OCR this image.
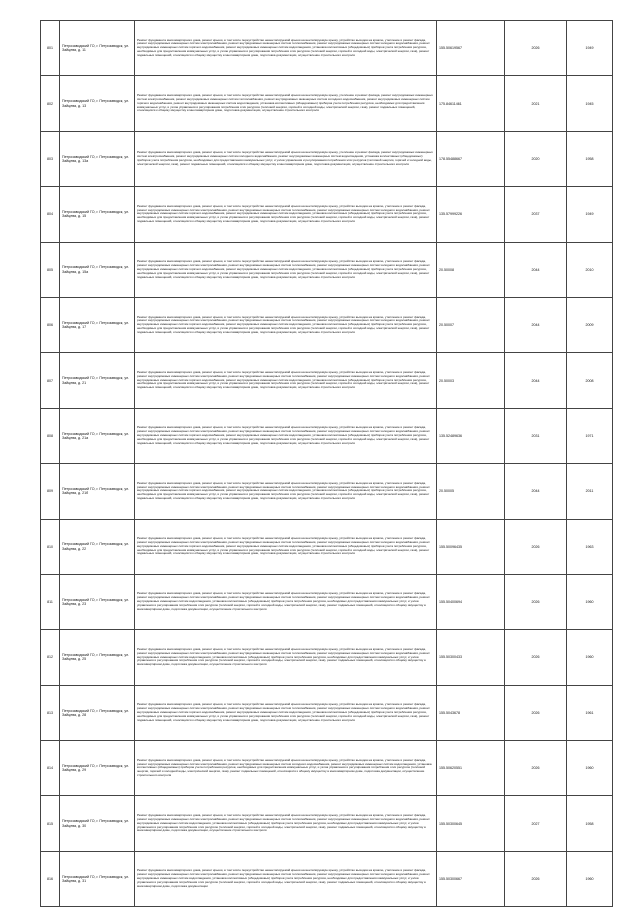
801	Петрозаводский ГО, г. Петрозаводск, ул. Зайцева, д. 11	Ремонт фундамента многоквартирного дома, ремонт крыши, в том числе переустройство невентилируемой крыши на вентилируемую крышу, устройство выходов на кровлю, утепление и ремонт фасада, ремонт внутридомовых инженерных систем электроснабжения, ремонт внутридомовых инженерных систем теплоснабжения, ремонт внутридомовых инженерных систем холодного водоснабжения, ремонт внутридомовых инженерных систем горячего водоснабжения, ремонт внутридомовых инженерных систем водоотведения, установка коллективных (общедомовых) приборов учета потребления ресурсов, необходимых для предоставления коммунальных услуг, и узлов управления и регулирования потребления этих ресурсов (тепловой энергии, горячей и холодной воды, электрической энергии, газа), ремонт подвальных помещений, относящихся к общему имуществу в многоквартирном доме, подготовка документации, осуществление строительного контроля	155.50619567	2026	1949
802	Петрозаводский ГО, г. Петрозаводск, ул. Зайцева, д. 13	Ремонт фундамента многоквартирного дома, ремонт крыши, в том числе переустройство невентилируемой крыши на вентилируемую крышу, утепление и ремонт фасада, ремонт внутридомовых инженерных систем электроснабжения, ремонт внутридомовых инженерных систем теплоснабжения, ремонт внутридомовых инженерных систем холодного водоснабжения, ремонт внутридомовых инженерных систем горячего водоснабжения, ремонт внутридомовых инженерных систем водоотведения, установка коллективных (общедомовых) приборов учета потребления ресурсов, необходимых для предоставления коммунальных услуг, и узлов управления и регулирования потребления этих ресурсов (тепловой энергии, горячей и холодной воды, электрической энергии, газа), ремонт подвальных помещений, относящихся к общему имуществу в многоквартирном доме, подготовка документации, осуществление строительного контроля	175.84611461	2021	1945
803	Петрозаводский ГО, г. Петрозаводск, ул. Зайцева, д. 13а	Ремонт фундамента многоквартирного дома, ремонт крыши, в том числе переустройство невентилируемой крыши на вентилируемую крышу, утепление и ремонт фасада, ремонт внутридомовых инженерных систем электроснабжения, ремонт внутридомовых инженерных систем холодного водоснабжения, ремонт внутридомовых инженерных систем водоотведения, установка коллективных (общедомовых) приборов учета потребления ресурсов, необходимых для предоставления коммунальных услуг, и узлов управления и регулирования потребления этих ресурсов (тепловой энергии, горячей и холодной воды, электрической энергии, газа), ремонт подвальных помещений, относящихся к общему имуществу в многоквартирном доме, подготовка документации, осуществление строительного контроля	178.55488667	2020	1958
804	Петрозаводский ГО, г. Петрозаводск, ул. Зайцева, д. 15	Ремонт фундамента многоквартирного дома, ремонт крыши, в том числе переустройство невентилируемой крыши на вентилируемую крышу, устройство выходов на кровлю, утепление и ремонт фасада, ремонт внутридомовых инженерных систем электроснабжения, ремонт внутридомовых инженерных систем теплоснабжения, ремонт внутридомовых инженерных систем холодного водоснабжения, ремонт внутридомовых инженерных систем горячего водоснабжения, ремонт внутридомовых инженерных систем водоотведения, установка коллективных (общедомовых) приборов учета потребления ресурсов, необходимых для предоставления коммунальных услуг, и узлов управления и регулирования потребления этих ресурсов (тепловой энергии, горячей и холодной воды, электрической энергии, газа), ремонт подвальных помещений, относящихся к общему имуществу в многоквартирном доме, подготовка документации, осуществление строительного контроля	135.57999226	2037	1949
805	Петрозаводский ГО, г. Петрозаводск, ул. Зайцева, д. 15а	Ремонт фундамента многоквартирного дома, ремонт крыши, в том числе переустройство невентилируемой крыши на вентилируемую крышу, устройство выходов на кровлю, утепление и ремонт фасада, ремонт внутридомовых инженерных систем электроснабжения, ремонт внутридомовых инженерных систем теплоснабжения, ремонт внутридомовых инженерных систем холодного водоснабжения, ремонт внутридомовых инженерных систем горячего водоснабжения, ремонт внутридомовых инженерных систем водоотведения, установка коллективных (общедомовых) приборов учета потребления ресурсов, необходимых для предоставления коммунальных услуг, и узлов управления и регулирования потребления этих ресурсов (тепловой энергии, горячей и холодной воды, электрической энергии, газа), ремонт подвальных помещений, относящихся к общему имуществу в многоквартирном доме, подготовка документации, осуществление строительного контроля	20.50008	2044	2010
806	Петрозаводский ГО, г. Петрозаводск, ул. Зайцева, д. 17	Ремонт фундамента многоквартирного дома, ремонт крыши, в том числе переустройство невентилируемой крыши на вентилируемую крышу, устройство выходов на кровлю, утепление и ремонт фасада, ремонт внутридомовых инженерных систем электроснабжения, ремонт внутридомовых инженерных систем теплоснабжения, ремонт внутридомовых инженерных систем холодного водоснабжения, ремонт внутридомовых инженерных систем горячего водоснабжения, ремонт внутридомовых инженерных систем водоотведения, установка коллективных (общедомовых) приборов учета потребления ресурсов, необходимых для предоставления коммунальных услуг, и узлов управления и регулирования потребления этих ресурсов (тепловой энергии, горячей и холодной воды, электрической энергии, газа), ремонт подвальных помещений, относящихся к общему имуществу в многоквартирном доме, подготовка документации, осуществление строительного контроля	20.50007	2044	2009
807	Петрозаводский ГО, г. Петрозаводск, ул. Зайцева, д. 21	Ремонт фундамента многоквартирного дома, ремонт крыши, в том числе переустройство невентилируемой крыши на вентилируемую крышу, устройство выходов на кровлю, утепление и ремонт фасада, ремонт внутридомовых инженерных систем электроснабжения, ремонт внутридомовых инженерных систем теплоснабжения, ремонт внутридомовых инженерных систем холодного водоснабжения, ремонт внутридомовых инженерных систем горячего водоснабжения, ремонт внутридомовых инженерных систем водоотведения, установка коллективных (общедомовых) приборов учета потребления ресурсов, необходимых для предоставления коммунальных услуг, и узлов управления и регулирования потребления этих ресурсов (тепловой энергии, горячей и холодной воды, электрической энергии, газа), ремонт подвальных помещений, относящихся к общему имуществу в многоквартирном доме, подготовка документации, осуществление строительного контроля	20.50003	2044	2008
808	Петрозаводский ГО, г. Петрозаводск, ул. Зайцева, д. 21а	Ремонт фундамента многоквартирного дома, ремонт крыши, в том числе переустройство невентилируемой крыши на вентилируемую крышу, устройство выходов на кровлю, утепление и ремонт фасада, ремонт внутридомовых инженерных систем электроснабжения, ремонт внутридомовых инженерных систем теплоснабжения, ремонт внутридомовых инженерных систем холодного водоснабжения, ремонт внутридомовых инженерных систем горячего водоснабжения, ремонт внутридомовых инженерных систем водоотведения, установка коллективных (общедомовых) приборов учета потребления ресурсов, необходимых для предоставления коммунальных услуг, и узлов управления и регулирования потребления этих ресурсов (тепловой энергии, горячей и холодной воды, электрической энергии, газа), ремонт подвальных помещений, относящихся к общему имуществу в многоквартирном доме, подготовка документации, осуществление строительного контроля	135.52489636	2031	1971
809	Петрозаводский ГО, г. Петрозаводск, ул. Зайцева, д. 21б	Ремонт фундамента многоквартирного дома, ремонт крыши, в том числе переустройство невентилируемой крыши на вентилируемую крышу, устройство выходов на кровлю, утепление и ремонт фасада, ремонт внутридомовых инженерных систем электроснабжения, ремонт внутридомовых инженерных систем теплоснабжения, ремонт внутридомовых инженерных систем холодного водоснабжения, ремонт внутридомовых инженерных систем горячего водоснабжения, ремонт внутридомовых инженерных систем водоотведения, установка коллективных (общедомовых) приборов учета потребления ресурсов, необходимых для предоставления коммунальных услуг, и узлов управления и регулирования потребления этих ресурсов (тепловой энергии, горячей и холодной воды, электрической энергии, газа), ремонт подвальных помещений, относящихся к общему имуществу в многоквартирном доме, подготовка документации, осуществление строительного контроля	20.50005	2044	2011
810	Петрозаводский ГО, г. Петрозаводск, ул. Зайцева, д. 22	Ремонт фундамента многоквартирного дома, ремонт крыши, в том числе переустройство невентилируемой крыши на вентилируемую крышу, устройство выходов на кровлю, утепление и ремонт фасада, ремонт внутридомовых инженерных систем электроснабжения, ремонт внутридомовых инженерных систем теплоснабжения, ремонт внутридомовых инженерных систем холодного водоснабжения, ремонт внутридомовых инженерных систем горячего водоснабжения, ремонт внутридомовых инженерных систем водоотведения, установка коллективных (общедомовых) приборов учета потребления ресурсов, необходимых для предоставления коммунальных услуг, и узлов управления и регулирования потребления этих ресурсов (тепловой энергии, горячей и холодной воды, электрической энергии, газа), ремонт подвальных помещений, относящихся к общему имуществу в многоквартирном доме, подготовка документации, осуществление строительного контроля	155.50096435	2026	1963
811	Петрозаводский ГО, г. Петрозаводск, ул. Зайцева, д. 23	Ремонт фундамента многоквартирного дома, ремонт крыши, в том числе переустройство невентилируемой крыши на вентилируемую крышу, устройство выходов на кровлю, утепление и ремонт фасада, ремонт внутридомовых инженерных систем электроснабжения, ремонт внутридомовых инженерных систем теплоснабжения, ремонт внутридомовых инженерных систем холодного водоснабжения, ремонт внутридомовых инженерных систем водоотведения, установка коллективных (общедомовых) приборов учета потребления ресурсов, необходимых для предоставления коммунальных услуг, и узлов управления и регулирования потребления этих ресурсов (тепловой энергии, горячей и холодной воды, электрической энергии, газа), ремонт подвальных помещений, относящихся к общему имуществу в многоквартирном доме, подготовка документации, осуществление строительного контроля	155.50400694	2026	1960
812	Петрозаводский ГО, г. Петрозаводск, ул. Зайцева, д. 25	Ремонт фундамента многоквартирного дома, ремонт крыши, в том числе переустройство невентилируемой крыши на вентилируемую крышу, устройство выходов на кровлю, утепление и ремонт фасада, ремонт внутридомовых инженерных систем электроснабжения, ремонт внутридомовых инженерных систем теплоснабжения, ремонт внутридомовых инженерных систем холодного водоснабжения, ремонт внутридомовых инженерных систем водоотведения, установка коллективных (общедомовых) приборов учета потребления ресурсов, необходимых для предоставления коммунальных услуг, и узлов управления и регулирования потребления этих ресурсов (тепловой энергии, горячей и холодной воды, электрической энергии, газа), ремонт подвальных помещений, относящихся к общему имуществу в многоквартирном доме, подготовка документации, осуществление строительного контроля	155.50300433	2026	1960
813	Петрозаводский ГО, г. Петрозаводск, ул. Зайцева, д. 28	Ремонт фундамента многоквартирного дома, ремонт крыши, в том числе переустройство невентилируемой крыши на вентилируемую крышу, устройство выходов на кровлю, утепление и ремонт фасада, ремонт внутридомовых инженерных систем электроснабжения, ремонт внутридомовых инженерных систем теплоснабжения, ремонт внутридомовых инженерных систем холодного водоснабжения, ремонт внутридомовых инженерных систем горячего водоснабжения, ремонт внутридомовых инженерных систем водоотведения, установка коллективных (общедомовых) приборов учета потребления ресурсов, необходимых для предоставления коммунальных услуг, и узлов управления и регулирования потребления этих ресурсов (тепловой энергии, горячей и холодной воды, электрической энергии, газа), ремонт подвальных помещений, относящихся к общему имуществу в многоквартирном доме, подготовка документации, осуществление строительного контроля	155.5043678	2026	1961
814	Петрозаводский ГО, г. Петрозаводск, ул. Зайцева, д. 29	Ремонт фундамента многоквартирного дома, ремонт крыши, в том числе переустройство невентилируемой крыши на вентилируемую крышу, устройство выходов на кровлю, утепление и ремонт фасада, ремонт внутридомовых инженерных систем электроснабжения, ремонт внутридомовых инженерных систем холодного водоснабжения, ремонт внутридомовых инженерных систем водоотведения, установка коллективных (общедомовых) приборов учета потребления ресурсов, необходимых для предоставления коммунальных услуг, и узлов управления и регулирования потребления этих ресурсов (тепловой энергии, горячей и холодной воды, электрической энергии, газа), ремонт подвальных помещений, относящихся к общему имуществу в многоквартирном доме, подготовка документации, осуществление строительного контроля	155.50620551	2026	1960
815	Петрозаводский ГО, г. Петрозаводск, ул. Зайцева, д. 30	Ремонт фундамента многоквартирного дома, ремонт крыши, в том числе переустройство невентилируемой крыши на вентилируемую крышу, устройство выходов на кровлю, утепление и ремонт фасада, ремонт внутридомовых инженерных систем электроснабжения, ремонт внутридомовых инженерных систем теплоснабжения, ремонт внутридомовых инженерных систем холодного водоснабжения, ремонт внутридомовых инженерных систем водоотведения, установка коллективных (общедомовых) приборов учета потребления ресурсов, необходимых для предоставления коммунальных услуг, и узлов управления и регулирования потребления этих ресурсов (тепловой энергии, горячей и холодной воды, электрической энергии, газа), ремонт подвальных помещений, относящихся к общему имуществу в многоквартирном доме, подготовка документации, осуществление строительного контроля	155.50300645	2027	1958
816	Петрозаводский ГО, г. Петрозаводск, ул. Зайцева, д. 31	Ремонт фундамента многоквартирного дома, ремонт крыши, в том числе переустройство невентилируемой крыши на вентилируемую крышу, устройство выходов на кровлю, утепление и ремонт фасада, ремонт внутридомовых инженерных систем электроснабжения, ремонт внутридомовых инженерных систем теплоснабжения, ремонт внутридомовых инженерных систем холодного водоснабжения, ремонт внутридомовых инженерных систем водоотведения, установка коллективных (общедомовых) приборов учета потребления ресурсов, необходимых для предоставления коммунальных услуг, и узлов управления и регулирования потребления этих ресурсов (тепловой энергии, горячей и холодной воды, электрической энергии, газа), ремонт подвальных помещений, относящихся к общему имуществу в многоквартирном доме, подготовка документации	155.50300667	2026	1960
